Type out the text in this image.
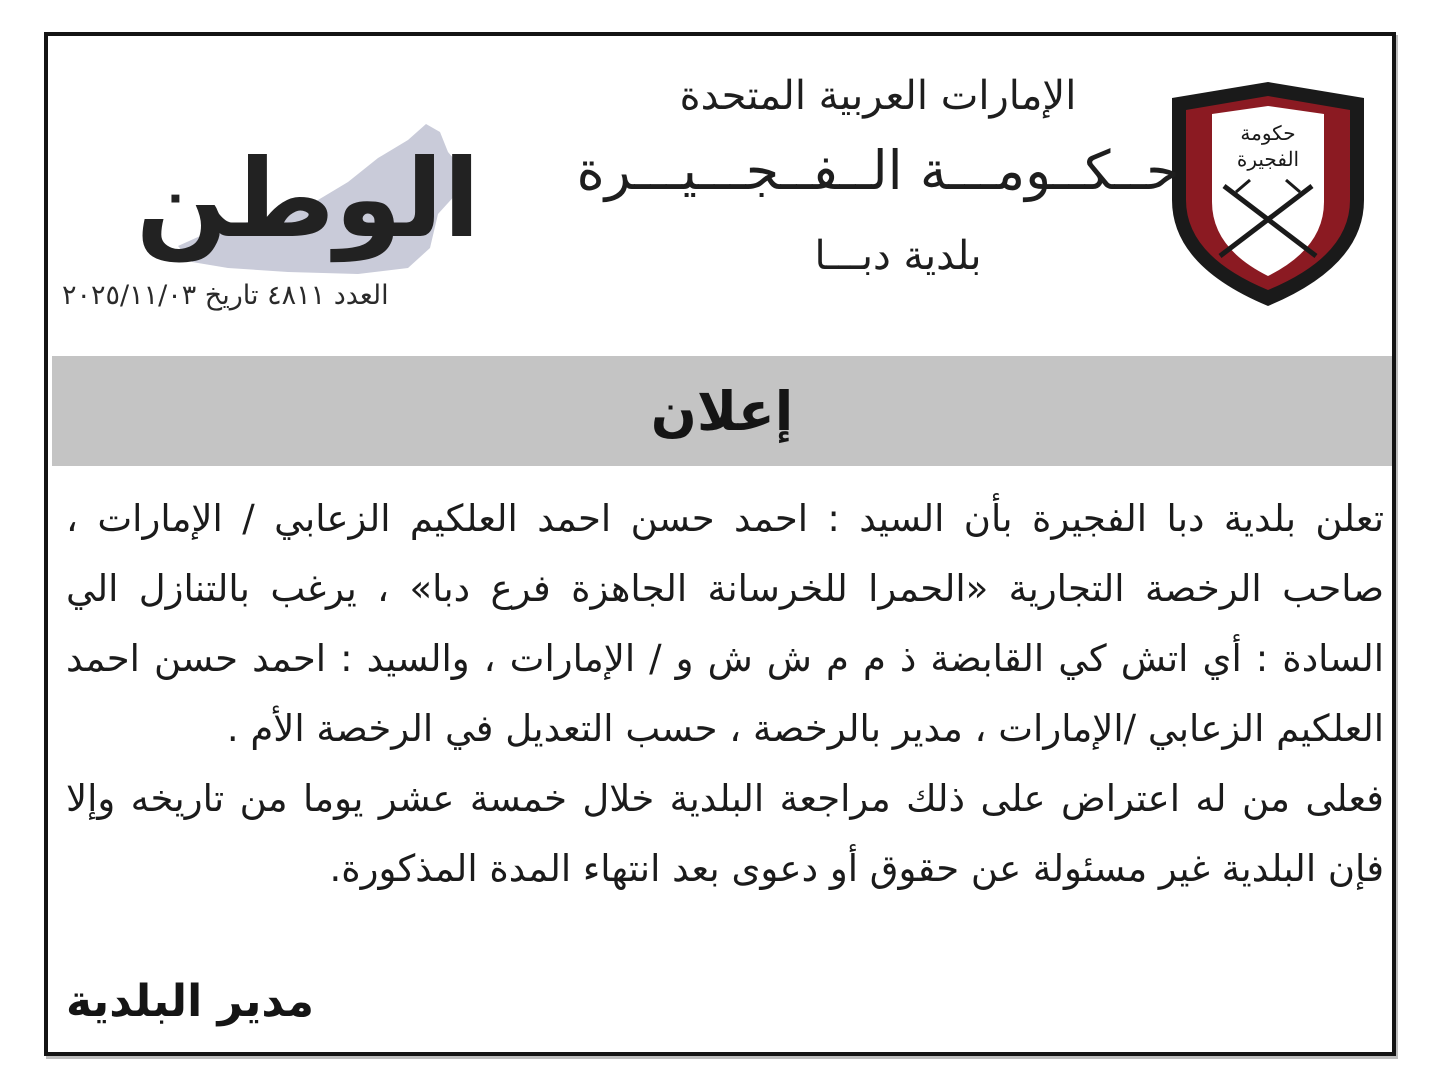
حكومة
الفجيرة
الإمارات العربية المتحدة
حــكــومـــة الــفــجـــيـــرة
بلدية دبـــا
الوطن
العدد ٤٨١١ تاريخ ٢٠٢٥/١١/٠٣
إعلان

تعلن بلدية دبا الفجيرة بأن السيد : احمد حسن احمد العلكيم الزعابي / الإمارات ، صاحب الرخصة التجارية «الحمرا للخرسانة الجاهزة فرع دبا» ، يرغب بالتنازل الي السادة : أي اتش كي القابضة ذ م م ش ش و / الإمارات ، والسيد : احمد حسن احمد العلكيم الزعابي /الإمارات ، مدير بالرخصة ، حسب التعديل في الرخصة الأم .

فعلى من له اعتراض على ذلك مراجعة البلدية خلال خمسة عشر يوما من تاريخه وإلا فإن البلدية غير مسئولة عن حقوق أو دعوى بعد انتهاء المدة المذكورة.

مدير البلدية
